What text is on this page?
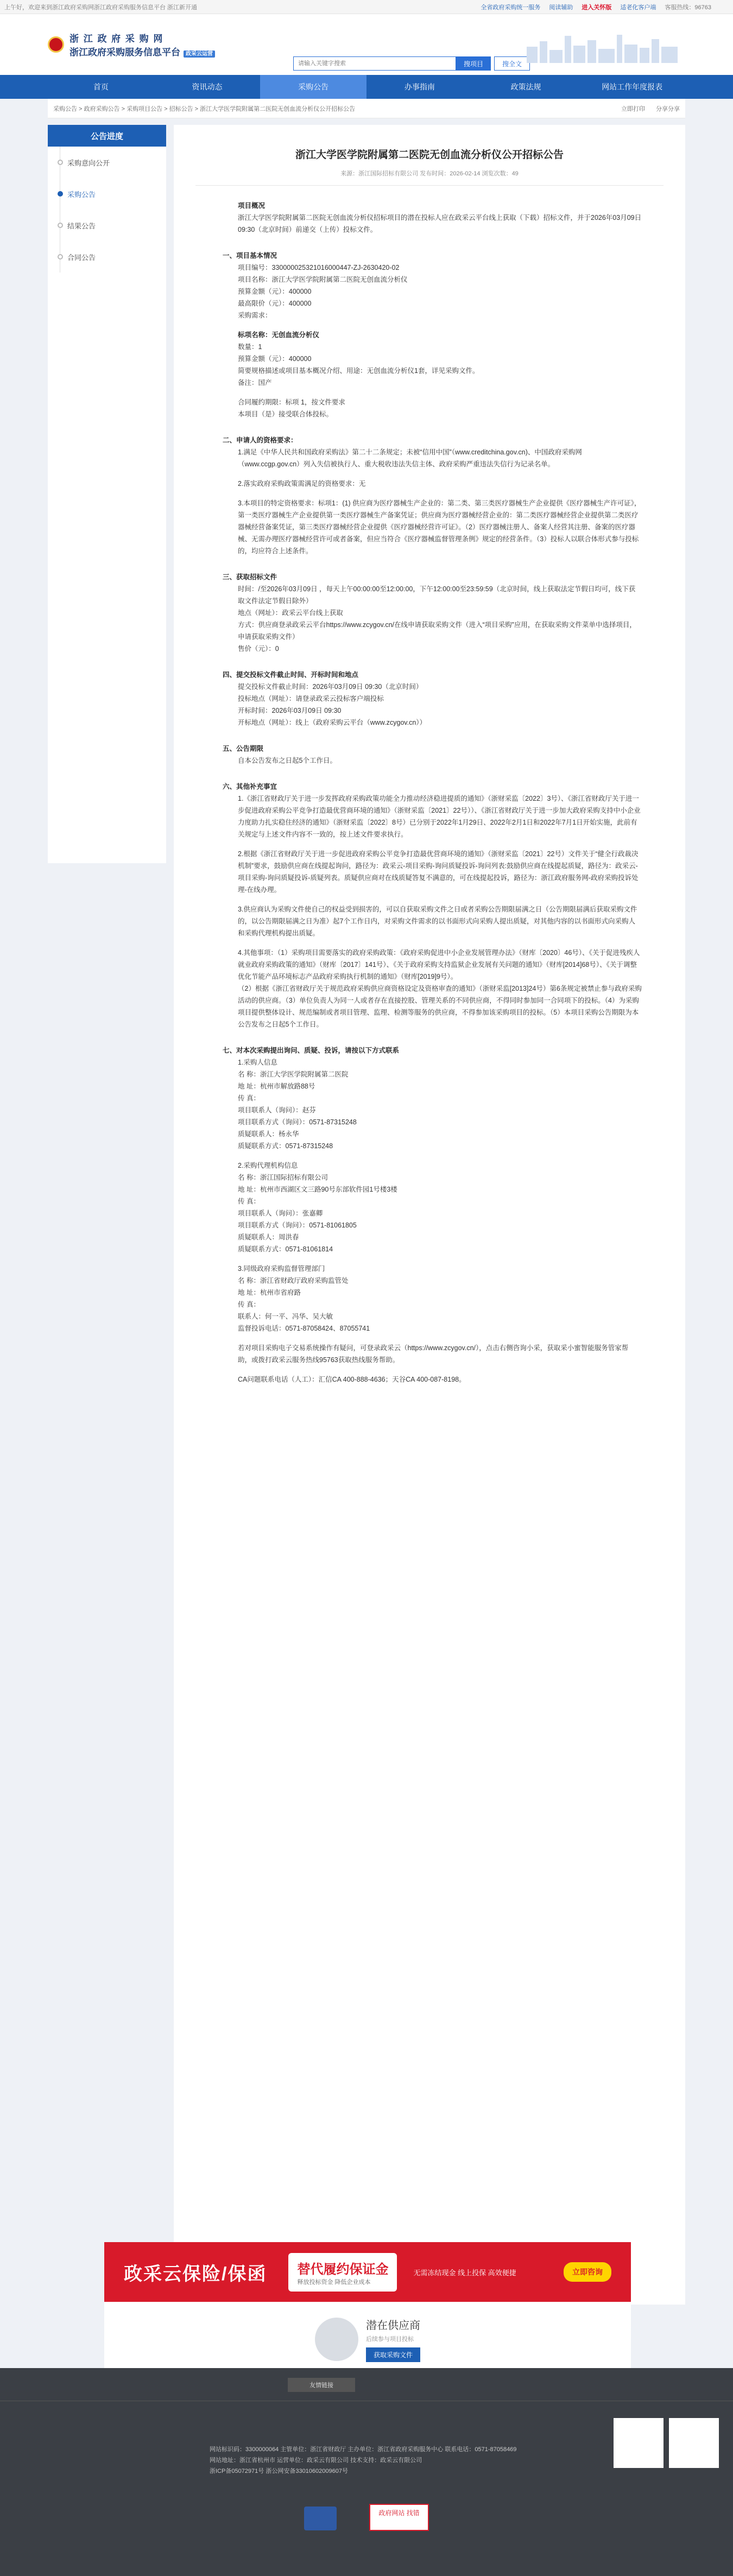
上午好，欢迎来到浙江政府采购网浙江政府采购服务信息平台 浙江新开通	全省政府采购统一服务 阅读辅助 进入关怀版 适老化客户端 客服热线：96763
浙 江 政 府 采 购 网
浙江政府采购服务信息平台 政采云运营
请输入关键字搜索
搜项目	搜全文
首页	资讯动态	采购公告	办事指南	政策法规	网站工作年度报表
采购公告 > 政府采购公告 > 采购项目公告 > 招标公告 > 浙江大学医学院附属第二医院无创血流分析仪公开招标公告	立即打印 分享分享
公告进度
采购意向公开
采购公告
结果公告
合同公告
浙江大学医学院附属第二医院无创血流分析仪公开招标公告
来源：浙江国际招标有限公司 发布时间：2026-02-14 浏览次数：49

项目概况

浙江大学医学院附属第二医院无创血流分析仪招标项目的潜在投标人应在政采云平台线上获取（下载）招标文件，并于2026年03月09日 09:30（北京时间）前递交（上传）投标文件。

一、项目基本情况

项目编号：330000025321016000447-ZJ-2630420-02

项目名称：浙江大学医学院附属第二医院无创血流分析仪

预算金额（元）：400000

最高限价（元）：400000

采购需求：

标项名称：无创血流分析仪

数量：1

预算金额（元）：400000

简要规格描述或项目基本概况介绍、用途：无创血流分析仪1套，详见采购文件。

备注：国产

合同履约期限：标项 1，按文件要求

本项目（是）接受联合体投标。

二、申请人的资格要求：

1.满足《中华人民共和国政府采购法》第二十二条规定；未被“信用中国”（www.creditchina.gov.cn)、中国政府采购网（www.ccgp.gov.cn）列入失信被执行人、重大税收违法失信主体、政府采购严重违法失信行为记录名单。

2.落实政府采购政策需满足的资格要求：无

3.本项目的特定资格要求：标项1：(1) 供应商为医疗器械生产企业的：第二类、第三类医疗器械生产企业提供《医疗器械生产许可证》，第一类医疗器械生产企业提供第一类医疗器械生产备案凭证；供应商为医疗器械经营企业的：第二类医疗器械经营企业提供第二类医疗器械经营备案凭证，第三类医疗器械经营企业提供《医疗器械经营许可证》。（2）医疗器械注册人、备案人经营其注册、备案的医疗器械、无需办理医疗器械经营许可或者备案，但应当符合《医疗器械监督管理条例》规定的经营条件。（3）投标人以联合体形式参与投标的，均应符合上述条件。

三、获取招标文件

时间：/至2026年03月09日 ，每天上午00:00:00至12:00:00，下午12:00:00至23:59:59（北京时间，线上获取法定节假日均可，线下获取文件法定节假日除外）

地点（网址）：政采云平台线上获取

方式：供应商登录政采云平台https://www.zcygov.cn/在线申请获取采购文件（进入“项目采购”应用，在获取采购文件菜单中选择项目，申请获取采购文件）

售价（元）：0

四、提交投标文件截止时间、开标时间和地点

提交投标文件截止时间：2026年03月09日 09:30（北京时间）

投标地点（网址）：请登录政采云投标客户端投标

开标时间：2026年03月09日 09:30

开标地点（网址）：线上（政府采购云平台（www.zcygov.cn））

五、公告期限

自本公告发布之日起5个工作日。

六、其他补充事宜

1.《浙江省财政厅关于进一步发挥政府采购政策功能全力推动经济稳进提质的通知》（浙财采监〔2022〕3号）、《浙江省财政厅关于进一步促进政府采购公平竞争打造最优营商环境的通知》（浙财采监〔2021〕22号））、《浙江省财政厅关于进一步加大政府采购支持中小企业力度助力扎实稳住经济的通知》（浙财采监〔2022〕8号）已分别于2022年1月29日、2022年2月1日和2022年7月1日开始实施，此前有关规定与上述文件内容不一致的，按上述文件要求执行。

2.根据《浙江省财政厅关于进一步促进政府采购公平竞争打造最优营商环境的通知》（浙财采监〔2021〕22号）文件关于“健全行政裁决机制”要求，鼓励供应商在线提起询问，路径为：政采云-项目采购-询问质疑投诉-询问列表:鼓励供应商在线提起质疑，路径为：政采云-项目采购-询问质疑投诉-质疑列表。质疑供应商对在线质疑答复不满意的，可在线提起投诉，路径为：浙江政府服务网-政府采购投诉处理-在线办理。

3.供应商认为采购文件使自己的权益受到损害的，可以自获取采购文件之日或者采购公告期限届满之日（公告期限届满后获取采购文件的，以公告期限届满之日为准）起7个工作日内，对采购文件需求的以书面形式向采购人提出质疑，对其他内容的以书面形式向采购人和采购代理机构提出质疑。

4.其他事项：（1）采购项目需要落实的政府采购政策：《政府采购促进中小企业发展管理办法》（财库〔2020〕46号）、《关于促进残疾人就业政府采购政策的通知》（财库〔2017〕141号）、《关于政府采购支持监狱企业发展有关问题的通知》（财库[2014]68号）、《关于调整优化节能产品环境标志产品政府采购执行机制的通知》（财库[2019]9号）。

（2）根据《浙江省财政厅关于规范政府采购供应商资格设定及资格审查的通知》（浙财采监[2013]24号）第6条规定被禁止参与政府采购活动的供应商。（3）单位负责人为同一人或者存在直接控股、管理关系的不同供应商，不得同时参加同一合同项下的投标。（4）为采购项目提供整体设计、规范编制或者项目管理、监理、检测等服务的供应商，不得参加该采购项目的投标。（5）本项目采购公告期限为本公告发布之日起5个工作日。

七、对本次采购提出询问、质疑、投诉，请按以下方式联系

1.采购人信息

名 称：浙江大学医学院附属第二医院

地 址：杭州市解放路88号

传 真：

项目联系人（询问）：赵芬

项目联系方式（询问）：0571-87315248

质疑联系人：杨永华

质疑联系方式：0571-87315248

2.采购代理机构信息

名 称：浙江国际招标有限公司

地 址：杭州市西湖区文三路90号东部软件园1号楼3楼

传 真：

项目联系人（询问）：张嘉卿

项目联系方式（询问）：0571-81061805

质疑联系人：周洪春

质疑联系方式：0571-81061814

3.同级政府采购监督管理部门

名 称：浙江省财政厅政府采购监管处

地 址：杭州市省府路

传 真：

联系人：何一平、冯华、吴大敏

监督投诉电话：0571-87058424、87055741

若对项目采购电子交易系统操作有疑问，可登录政采云（https://www.zcygov.cn/），点击右侧咨询小采，获取采小蜜智能服务管家帮助，或拨打政采云服务热线95763获取热线服务帮助。

CA问题联系电话（人工）：汇信CA 400-888-4636；天谷CA 400-087-8198。

政采云保险/保函 替代履约保证金
释放投标资金 降低企业成本
无需冻结现金 线上投保 高效便捷	立即咨询
潜在供应商
后续参与项目投标
获取采购文件
友情链接
网站标识码：3300000064 主管单位：浙江省财政厅 主办单位：浙江省政府采购服务中心 联系电话：0571-87058469
网站地址：浙江省杭州市 运营单位：政采云有限公司 技术支持：政采云有限公司
浙ICP备05072971号 浙公网安备33010602009607号
政府网站 找错
